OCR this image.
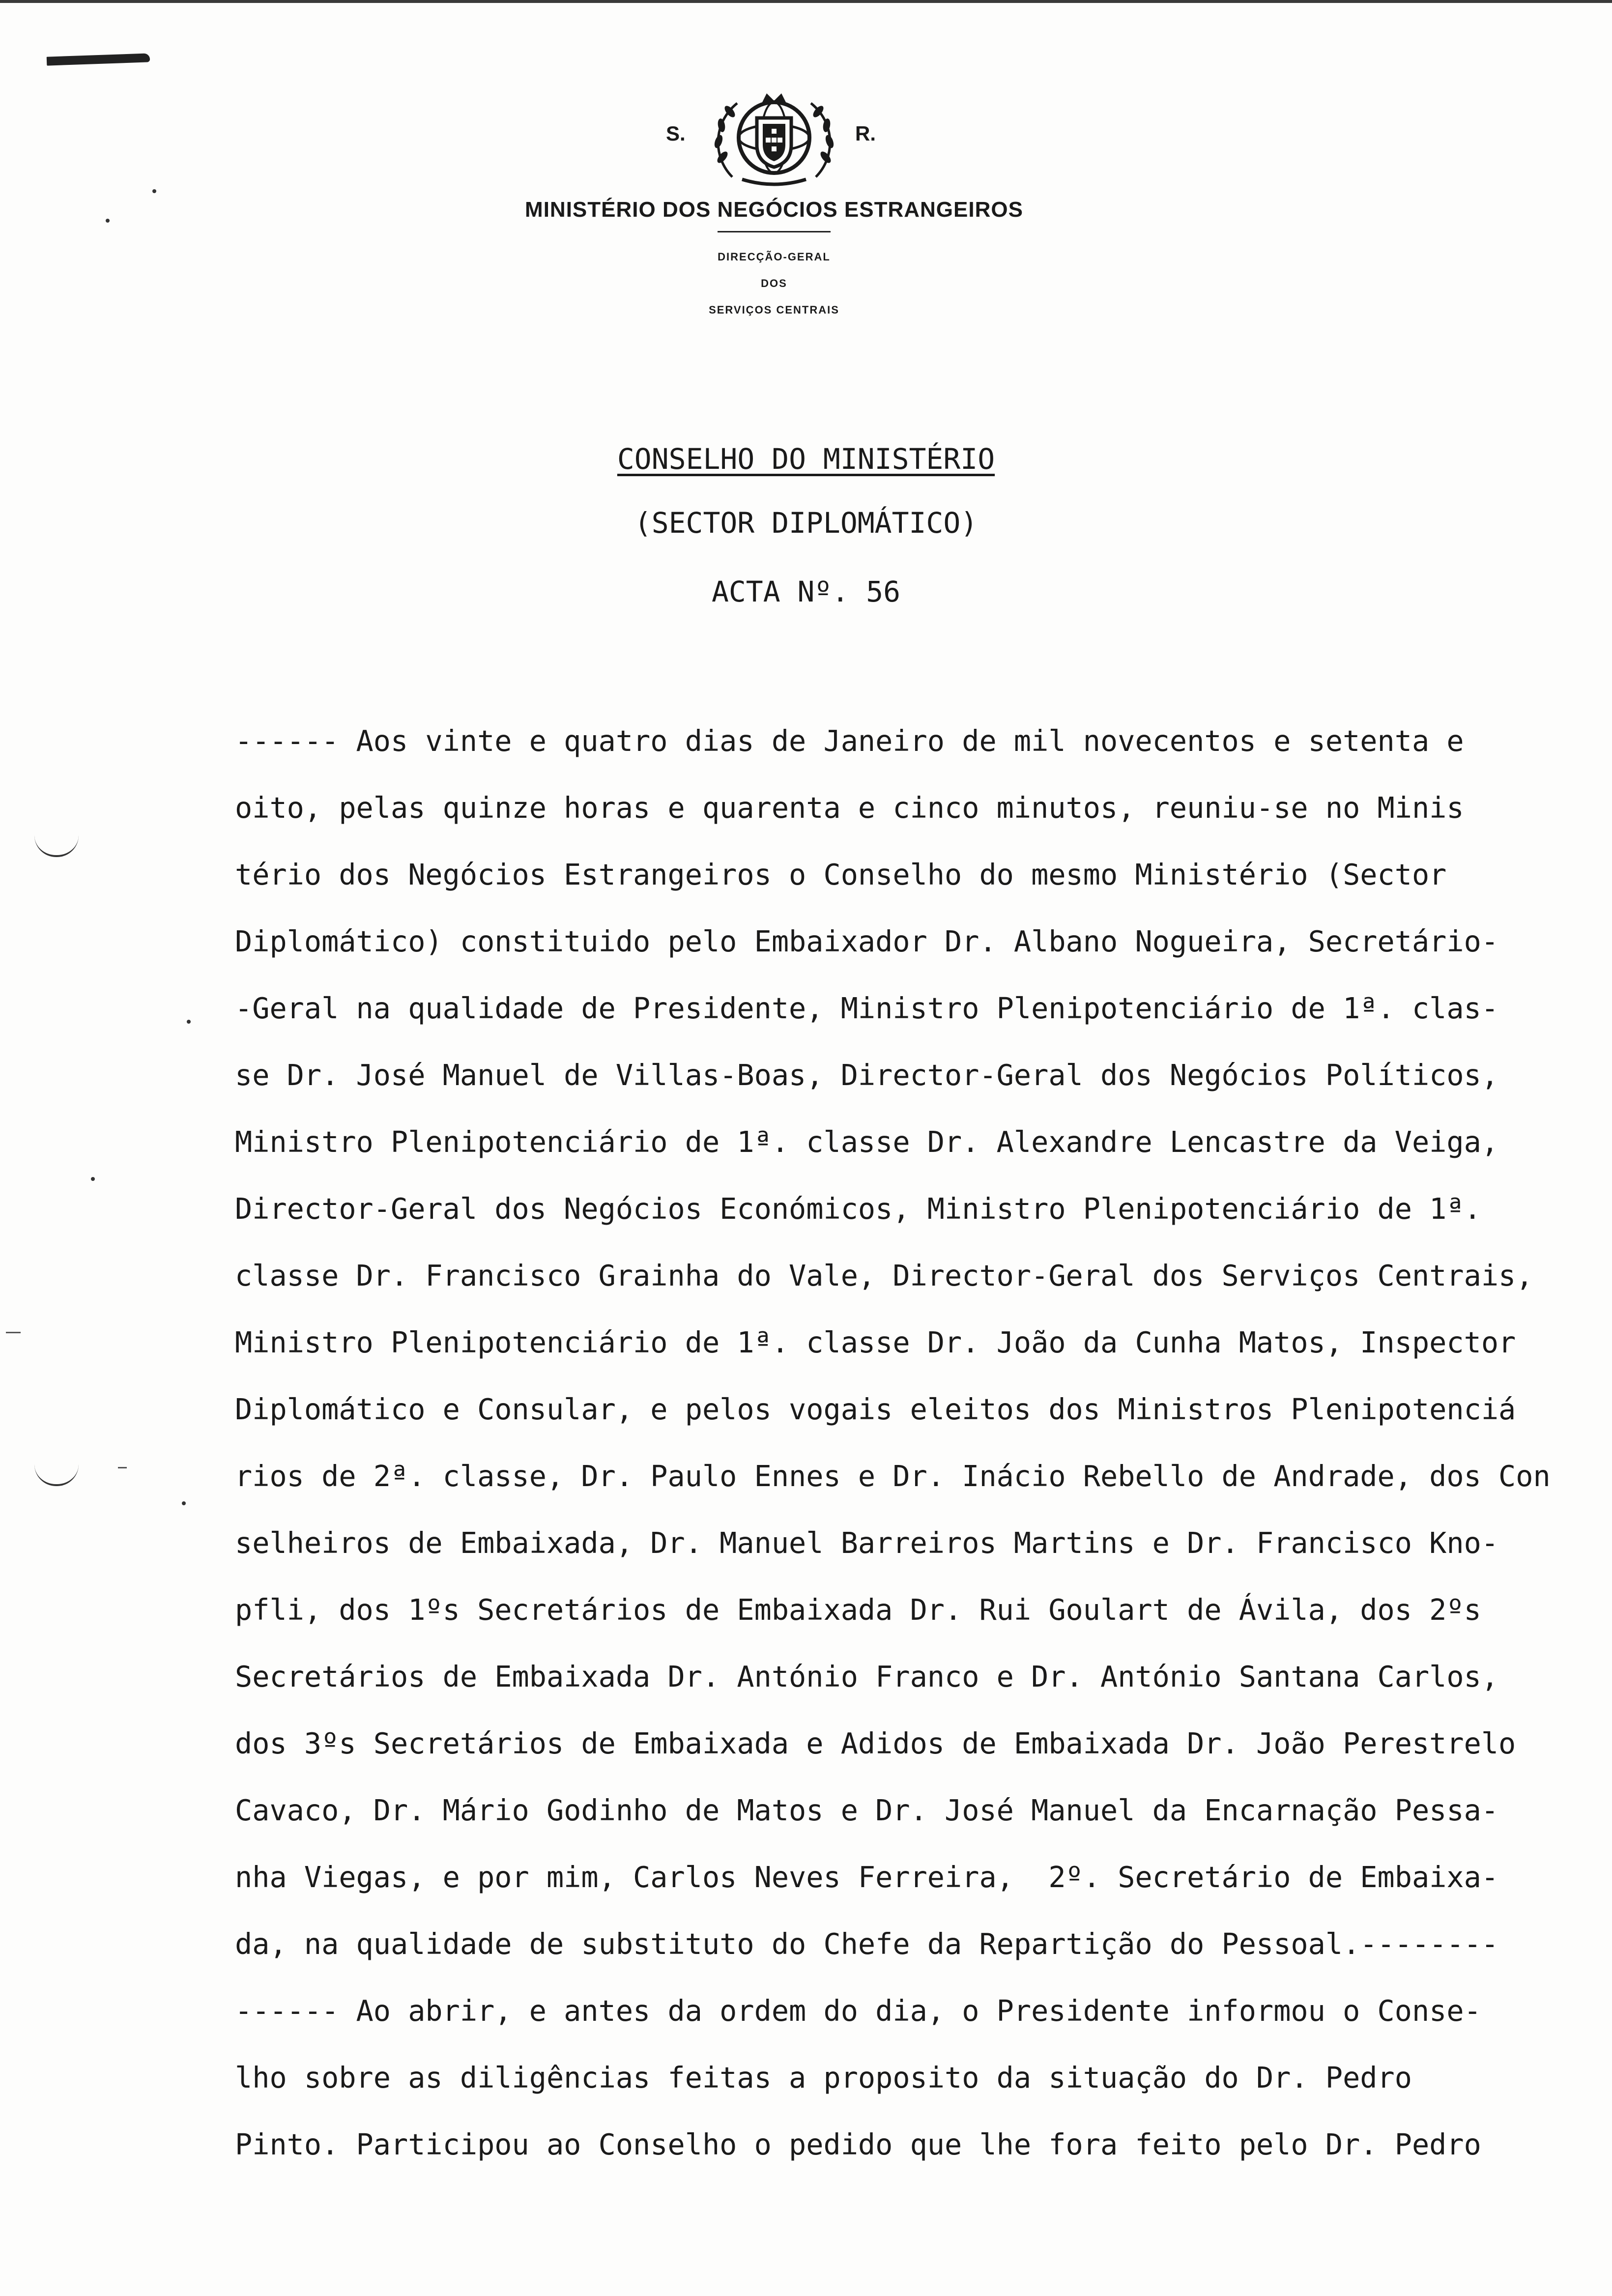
S.	R.
MINISTÉRIO DOS NEGÓCIOS ESTRANGEIROS
DIRECÇÃO-GERAL
DOS
SERVIÇOS CENTRAIS
CONSELHO DO MINISTÉRIO
(SECTOR DIPLOMÁTICO)
ACTA Nº. 56
------ Aos vinte e quatro dias de Janeiro de mil novecentos e setenta e
oito, pelas quinze horas e quarenta e cinco minutos, reuniu-se no Minis
tério dos Negócios Estrangeiros o Conselho do mesmo Ministério (Sector
Diplomático) constituido pelo Embaixador Dr. Albano Nogueira, Secretário-
-Geral na qualidade de Presidente, Ministro Plenipotenciário de 1ª. clas-
se Dr. José Manuel de Villas-Boas, Director-Geral dos Negócios Políticos,
Ministro Plenipotenciário de 1ª. classe Dr. Alexandre Lencastre da Veiga,
Director-Geral dos Negócios Económicos, Ministro Plenipotenciário de 1ª.
classe Dr. Francisco Grainha do Vale, Director-Geral dos Serviços Centrais,
Ministro Plenipotenciário de 1ª. classe Dr. João da Cunha Matos, Inspector
Diplomático e Consular, e pelos vogais eleitos dos Ministros Plenipotenciá
rios de 2ª. classe, Dr. Paulo Ennes e Dr. Inácio Rebello de Andrade, dos Con
selheiros de Embaixada, Dr. Manuel Barreiros Martins e Dr. Francisco Kno-
pfli, dos 1ºs Secretários de Embaixada Dr. Rui Goulart de Ávila, dos 2ºs
Secretários de Embaixada Dr. António Franco e Dr. António Santana Carlos,
dos 3ºs Secretários de Embaixada e Adidos de Embaixada Dr. João Perestrelo
Cavaco, Dr. Mário Godinho de Matos e Dr. José Manuel da Encarnação Pessa-
nha Viegas, e por mim, Carlos Neves Ferreira,  2º. Secretário de Embaixa-
da, na qualidade de substituto do Chefe da Repartição do Pessoal.--------
------ Ao abrir, e antes da ordem do dia, o Presidente informou o Conse-
lho sobre as diligências feitas a proposito da situação do Dr. Pedro
Pinto. Participou ao Conselho o pedido que lhe fora feito pelo Dr. Pedro
